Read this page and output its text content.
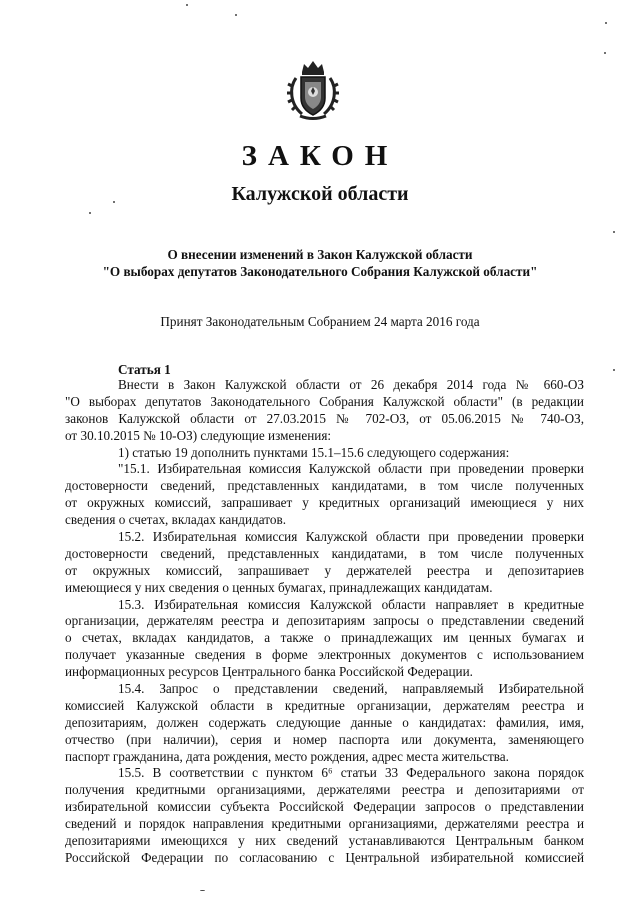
ЗАКОН
Калужской области
О внесении изменений в Закон Калужской области
"О выборах депутатов Законодательного Собрания Калужской области"
Принят Законодательным Собранием 24 марта 2016 года
Статья 1
Внести в Закон Калужской области от 26 декабря 2014 года № 660-ОЗ
"О выборах депутатов Законодательного Собрания Калужской области" (в редакции
законов Калужской области от 27.03.2015 № 702-ОЗ, от 05.06.2015 № 740-ОЗ,
от 30.10.2015 № 10-ОЗ) следующие изменения:
1) статью 19 дополнить пунктами 15.1–15.6 следующего содержания:
"15.1. Избирательная комиссия Калужской области при проведении проверки
достоверности сведений, представленных кандидатами, в том числе полученных
от окружных комиссий, запрашивает у кредитных организаций имеющиеся у них
сведения о счетах, вкладах кандидатов.
15.2. Избирательная комиссия Калужской области при проведении проверки
достоверности сведений, представленных кандидатами, в том числе полученных
от окружных комиссий, запрашивает у держателей реестра и депозитариев
имеющиеся у них сведения о ценных бумагах, принадлежащих кандидатам.
15.3. Избирательная комиссия Калужской области направляет в кредитные
организации, держателям реестра и депозитариям запросы о представлении сведений
о счетах, вкладах кандидатов, а также о принадлежащих им ценных бумагах и
получает указанные сведения в форме электронных документов с использованием
информационных ресурсов Центрального банка Российской Федерации.
15.4. Запрос о представлении сведений, направляемый Избирательной
комиссией Калужской области в кредитные организации, держателям реестра и
депозитариям, должен содержать следующие данные о кандидатах: фамилия, имя,
отчество (при наличии), серия и номер паспорта или документа, заменяющего
паспорт гражданина, дата рождения, место рождения, адрес места жительства.
15.5. В соответствии с пунктом 6⁶ статьи 33 Федерального закона порядок
получения кредитными организациями, держателями реестра и депозитариями от
избирательной комиссии субъекта Российской Федерации запросов о представлении
сведений и порядок направления кредитными организациями, держателями реестра и
депозитариями имеющихся у них сведений устанавливаются Центральным банком
Российской Федерации по согласованию с Центральной избирательной комиссией
